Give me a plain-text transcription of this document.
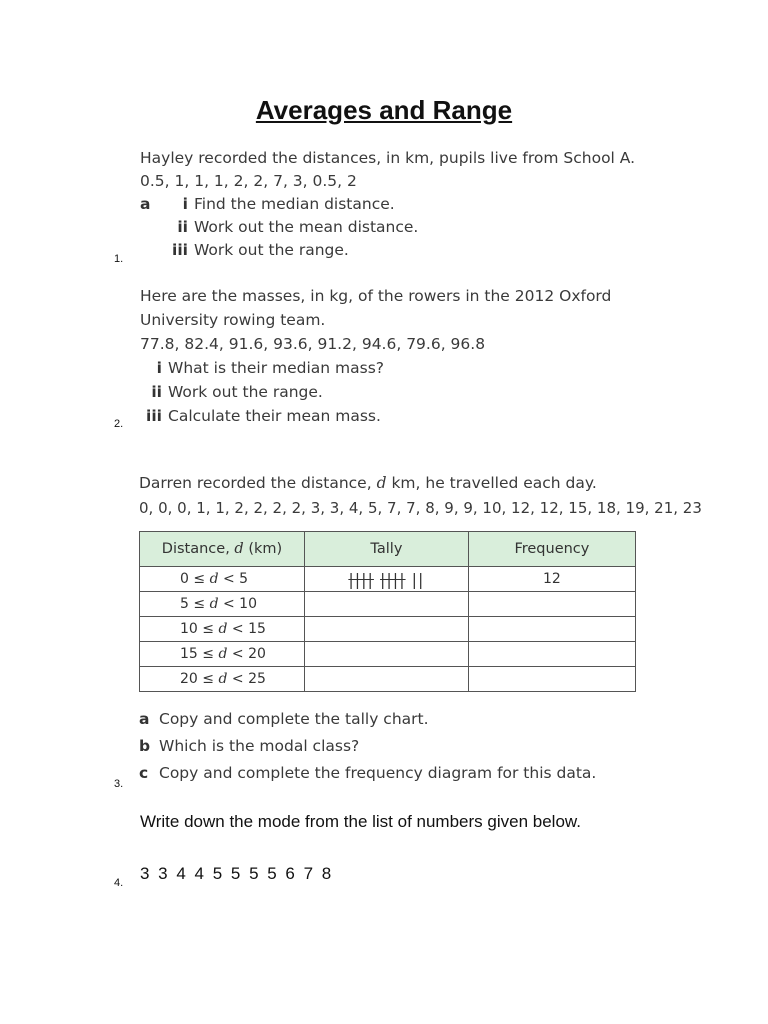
Averages and Range
Hayley recorded the distances, in km, pupils live from School A.
0.5, 1, 1, 1, 2, 2, 7, 3, 0.5, 2
a i Find the median distance.
ii Work out the mean distance.
iii Work out the range.
1.
Here are the masses, in kg, of the rowers in the 2012 Oxford
University rowing team.
77.8, 82.4, 91.6, 93.6, 91.2, 94.6, 79.6, 96.8
i What is their median mass?
ii Work out the range.
iii Calculate their mean mass.
2.
Darren recorded the distance, d km, he travelled each day.
0, 0, 0, 1, 1, 2, 2, 2, 2, 3, 3, 4, 5, 7, 7, 8, 9, 9, 10, 12, 12, 15, 18, 19, 21, 23
Distance, d (km)	Tally	Frequency
0 ≤ d < 5	|||| |||| ||	12
5 ≤ d < 10		
10 ≤ d < 15		
15 ≤ d < 20		
20 ≤ d < 25		
a Copy and complete the tally chart.
b Which is the modal class?
c Copy and complete the frequency diagram for this data.
3.
Write down the mode from the list of numbers given below.
3 3 4 4 5 5 5 5 6 7 8
4.
